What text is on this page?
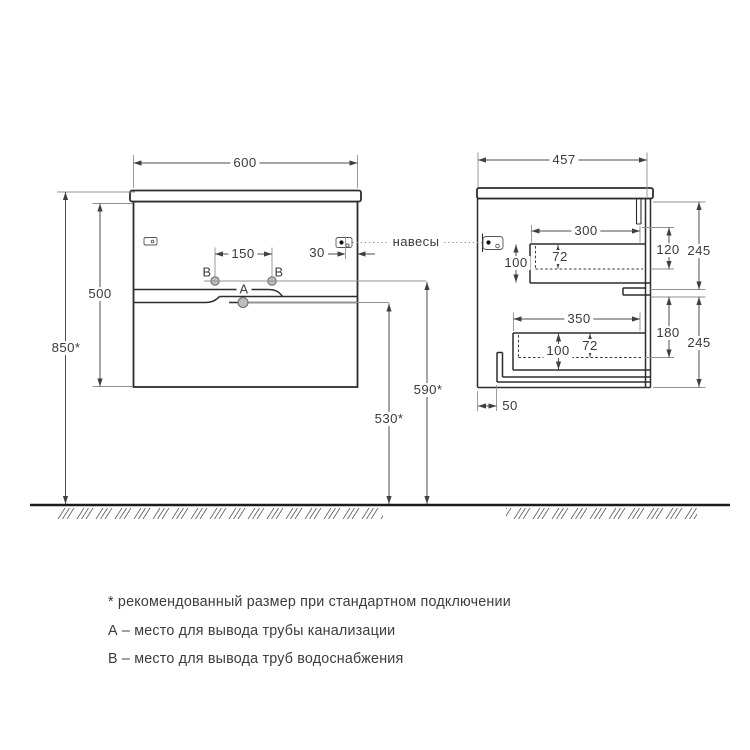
600
500
850*
150	30
B	B
A
590*
530*
457
300
100 72	120 245
350
100 72
180
245
50
навесы
* рекомендованный размер при стандартном подключении
А – место для вывода трубы канализации
В – место для вывода труб водоснабжения
